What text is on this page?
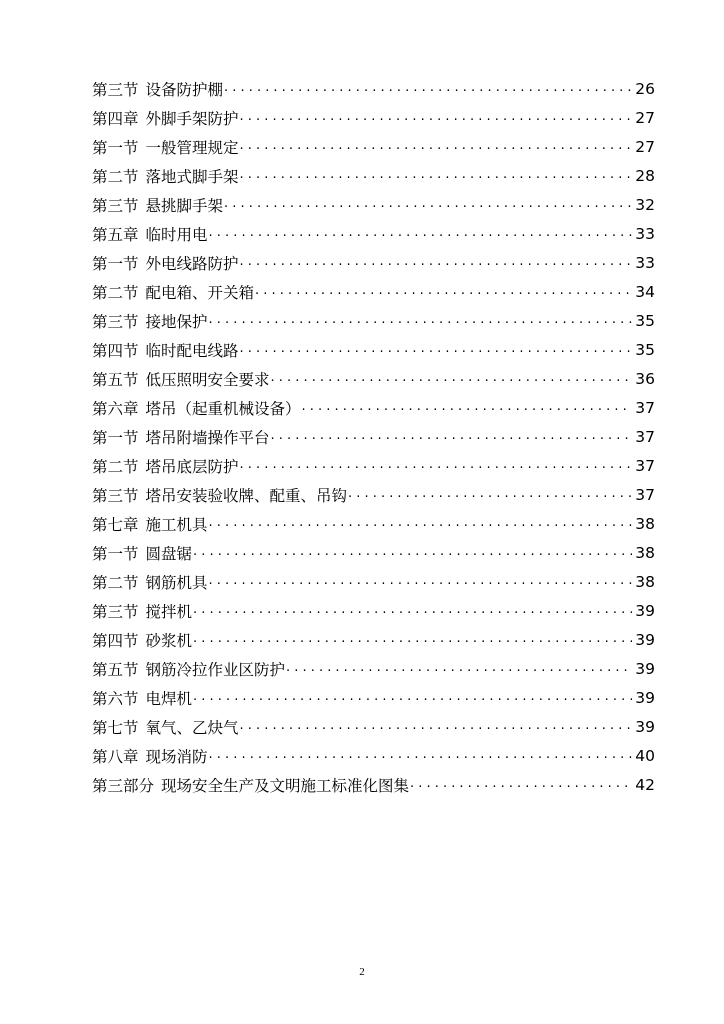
第三节 设备防护棚 .....	26
第四章 外脚手架防护 .....	27
第一节 一般管理规定 .....	27
第二节 落地式脚手架 .....	28
第三节 悬挑脚手架 .....	32
第五章 临时用电 .....	33
第一节 外电线路防护 .....	33
第二节 配电箱、开关箱 .....	34
第三节 接地保护 .....	35
第四节 临时配电线路 .....	35
第五节 低压照明安全要求 .....	36
第六章 塔吊（起重机械设备） .....	37
第一节 塔吊附墙操作平台 .....	37
第二节 塔吊底层防护 .....	37
第三节 塔吊安装验收牌、配重、吊钩 .....	37
第七章 施工机具 .....	38
第一节 圆盘锯 .....	38
第二节 钢筋机具 .....	38
第三节 搅拌机 .....	39
第四节 砂浆机 .....	39
第五节 钢筋冷拉作业区防护 .....	39
第六节 电焊机 .....	39
第七节 氧气、乙炔气 .....	39
第八章 现场消防 .....	40
第三部分 现场安全生产及文明施工标准化图集 .....	42
2
